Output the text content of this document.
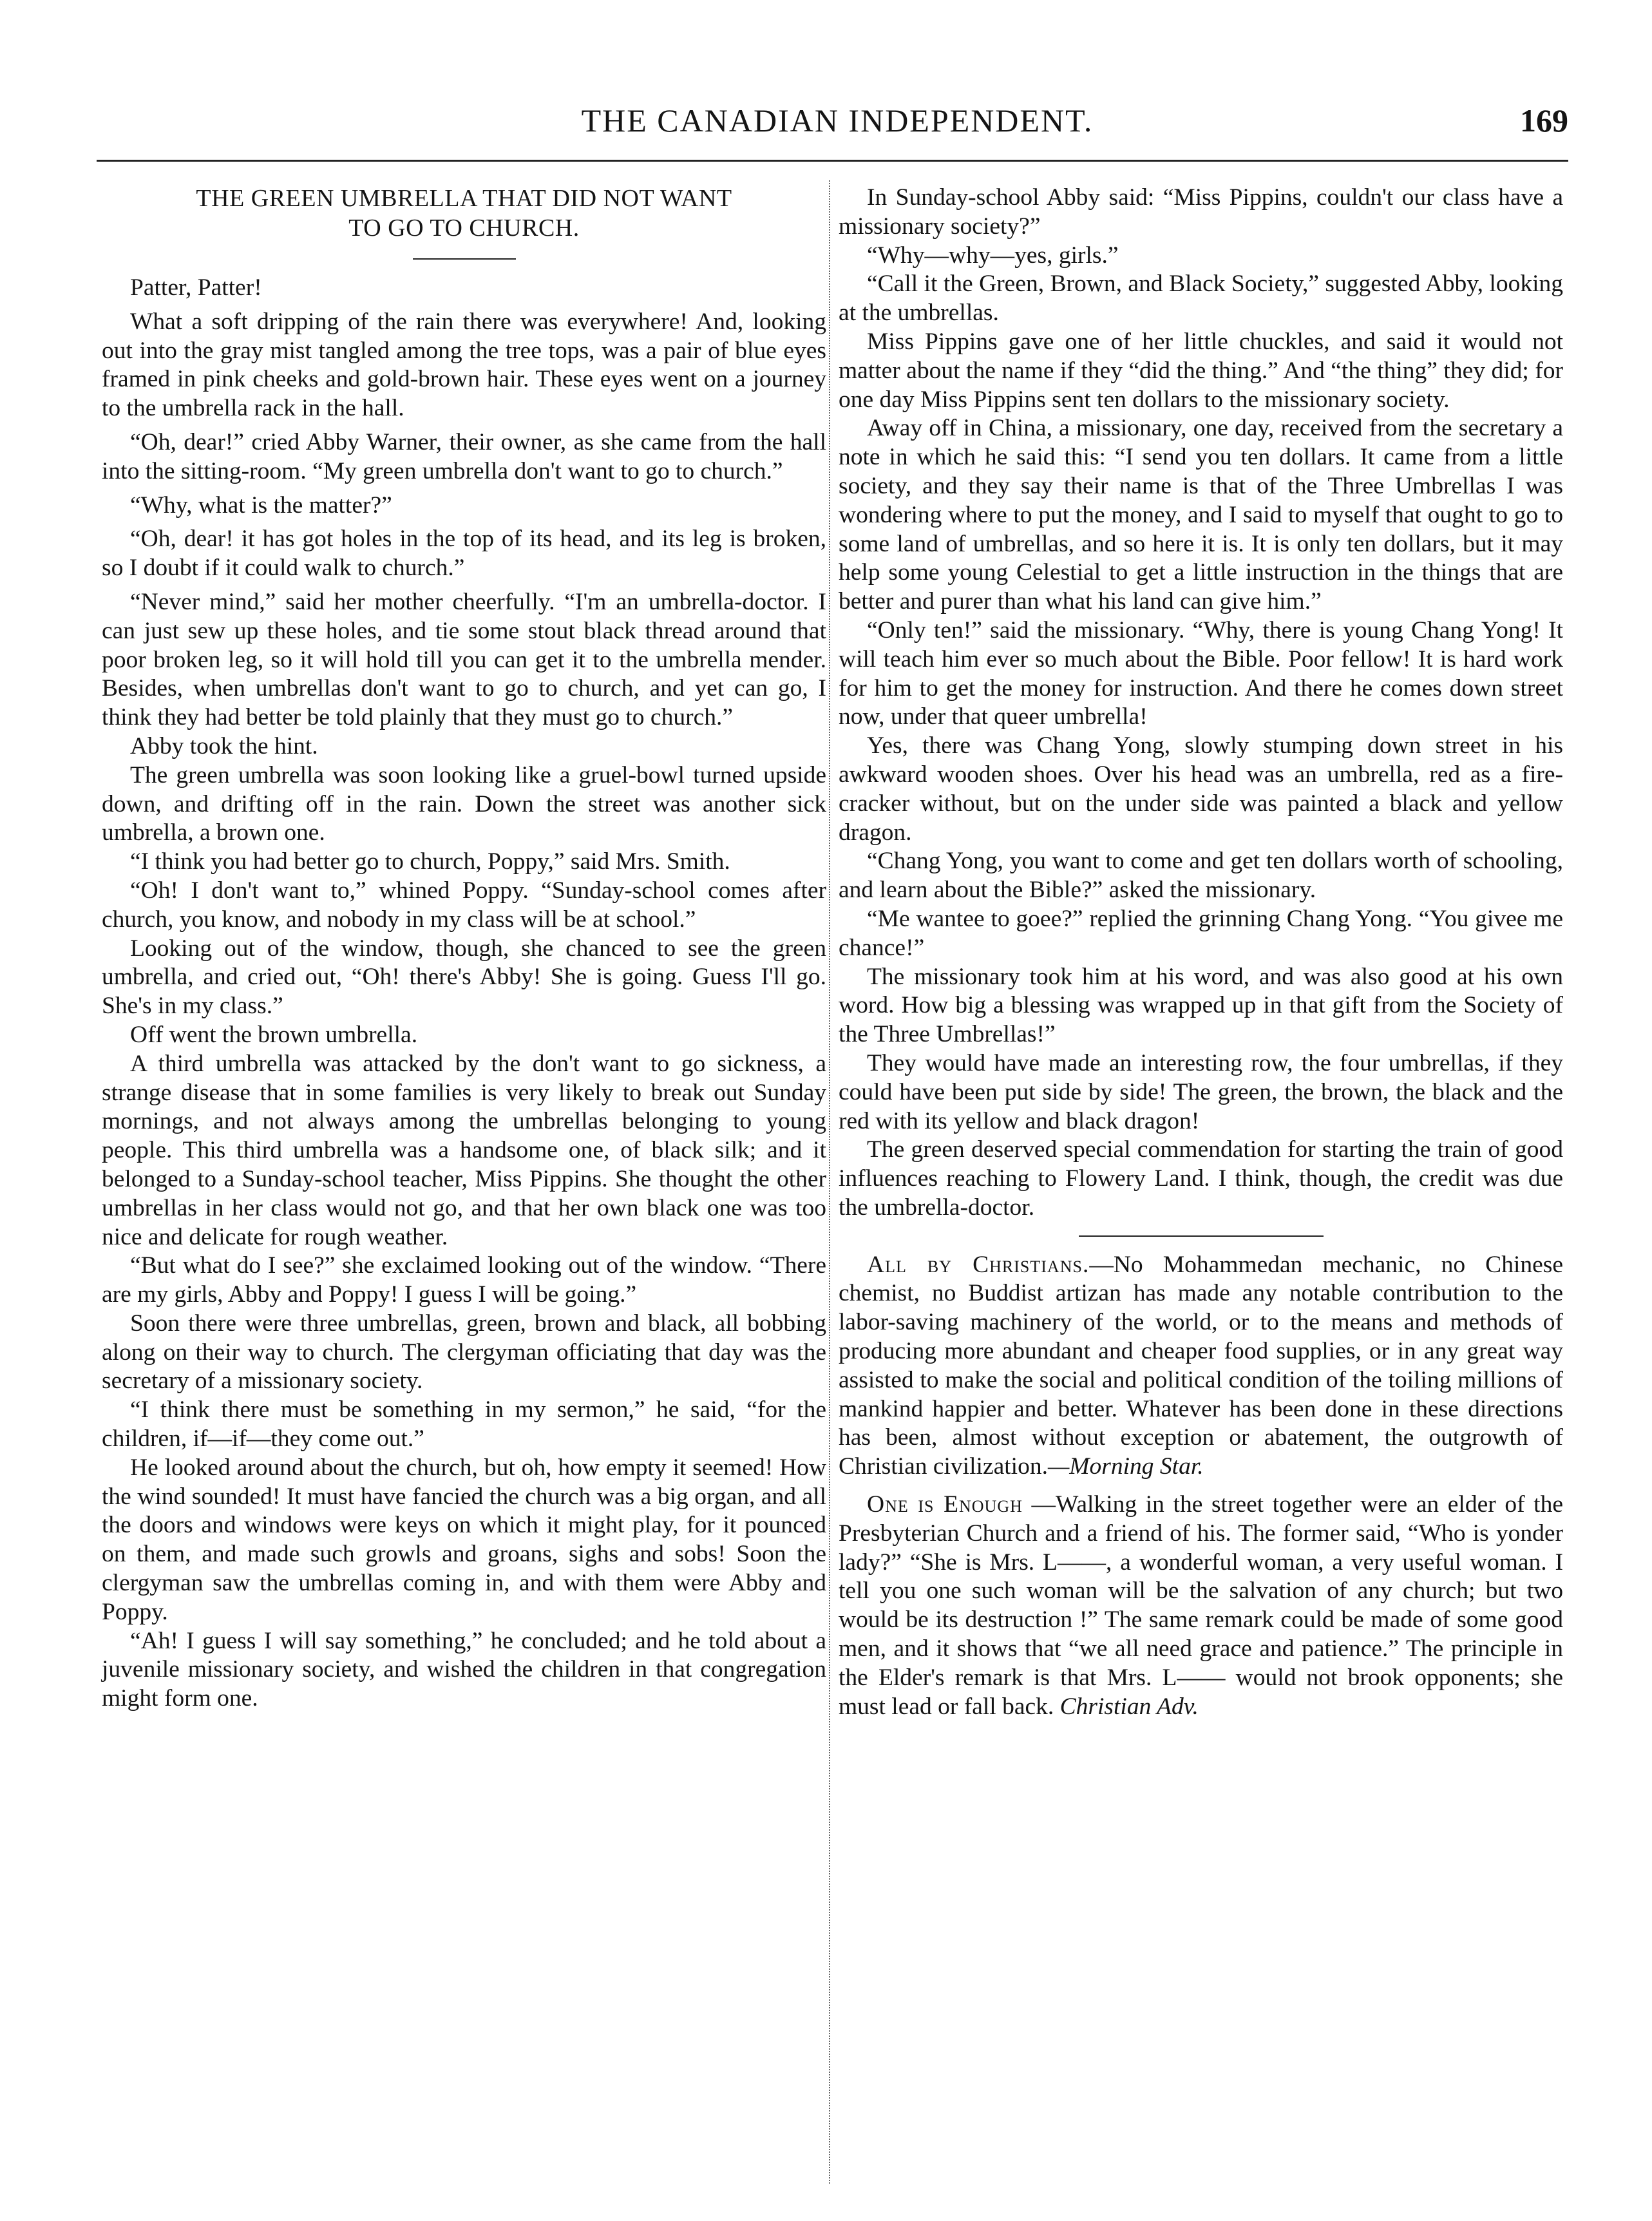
THE CANADIAN INDEPENDENT.	169

THE GREEN UMBRELLA THAT DID NOT WANT

TO GO TO CHURCH.

Patter, Patter!

What a soft dripping of the rain there was everywhere! And, looking out into the gray mist tangled among the tree tops, was a pair of blue eyes framed in pink cheeks and gold-brown hair. These eyes went on a journey to the umbrella rack in the hall.

“Oh, dear!” cried Abby Warner, their owner, as she came from the hall into the sitting-room. “My green umbrella don't want to go to church.”

“Why, what is the matter?”

“Oh, dear! it has got holes in the top of its head, and its leg is broken, so I doubt if it could walk to church.”

“Never mind,” said her mother cheerfully. “I'm an umbrella-doctor. I can just sew up these holes, and tie some stout black thread around that poor broken leg, so it will hold till you can get it to the umbrella mender. Besides, when umbrellas don't want to go to church, and yet can go, I think they had better be told plainly that they must go to church.”

Abby took the hint.

The green umbrella was soon looking like a gruel-bowl turned upside down, and drifting off in the rain. Down the street was another sick umbrella, a brown one.

“I think you had better go to church, Poppy,” said Mrs. Smith.

“Oh! I don't want to,” whined Poppy. “Sunday-school comes after church, you know, and nobody in my class will be at school.”

Looking out of the window, though, she chanced to see the green umbrella, and cried out, “Oh! there's Abby! She is going. Guess I'll go. She's in my class.”

Off went the brown umbrella.

A third umbrella was attacked by the don't want to go sickness, a strange disease that in some families is very likely to break out Sunday mornings, and not always among the umbrellas belonging to young people. This third umbrella was a handsome one, of black silk; and it belonged to a Sunday-school teacher, Miss Pippins. She thought the other umbrellas in her class would not go, and that her own black one was too nice and delicate for rough weather.

“But what do I see?” she exclaimed looking out of the window. “There are my girls, Abby and Poppy! I guess I will be going.”

Soon there were three umbrellas, green, brown and black, all bobbing along on their way to church. The clergyman officiating that day was the secretary of a missionary society.

“I think there must be something in my sermon,” he said, “for the children, if—if—they come out.”

He looked around about the church, but oh, how empty it seemed! How the wind sounded! It must have fancied the church was a big organ, and all the doors and windows were keys on which it might play, for it pounced on them, and made such growls and groans, sighs and sobs! Soon the clergyman saw the umbrellas coming in, and with them were Abby and Poppy.

“Ah! I guess I will say something,” he concluded; and he told about a juvenile missionary society, and wished the children in that congregation might form one.

In Sunday-school Abby said: “Miss Pippins, couldn't our class have a missionary society?”

“Why—why—yes, girls.”

“Call it the Green, Brown, and Black Society,” suggested Abby, looking at the umbrellas.

Miss Pippins gave one of her little chuckles, and said it would not matter about the name if they “did the thing.” And “the thing” they did; for one day Miss Pippins sent ten dollars to the missionary society.

Away off in China, a missionary, one day, received from the secretary a note in which he said this: “I send you ten dollars. It came from a little society, and they say their name is that of the Three Umbrellas I was wondering where to put the money, and I said to myself that ought to go to some land of umbrellas, and so here it is. It is only ten dollars, but it may help some young Celestial to get a little instruction in the things that are better and purer than what his land can give him.”

“Only ten!” said the missionary. “Why, there is young Chang Yong! It will teach him ever so much about the Bible. Poor fellow! It is hard work for him to get the money for instruction. And there he comes down street now, under that queer umbrella!

Yes, there was Chang Yong, slowly stumping down street in his awkward wooden shoes. Over his head was an umbrella, red as a fire-cracker without, but on the under side was painted a black and yellow dragon.

“Chang Yong, you want to come and get ten dollars worth of schooling, and learn about the Bible?” asked the missionary.

“Me wantee to goee?” replied the grinning Chang Yong. “You givee me chance!”

The missionary took him at his word, and was also good at his own word. How big a blessing was wrapped up in that gift from the Society of the Three Umbrellas!”

They would have made an interesting row, the four umbrellas, if they could have been put side by side! The green, the brown, the black and the red with its yellow and black dragon!

The green deserved special commendation for starting the train of good influences reaching to Flowery Land. I think, though, the credit was due the umbrella-doctor.

All by Christians.—No Mohammedan mechanic, no Chinese chemist, no Buddist artizan has made any notable contribution to the labor-saving machinery of the world, or to the means and methods of producing more abundant and cheaper food supplies, or in any great way assisted to make the social and political condition of the toiling millions of mankind happier and better. Whatever has been done in these directions has been, almost without exception or abatement, the outgrowth of Christian civilization.—Morning Star.

One is Enough —Walking in the street together were an elder of the Presbyterian Church and a friend of his. The former said, “Who is yonder lady?” “She is Mrs. L——, a wonderful woman, a very useful woman. I tell you one such woman will be the salvation of any church; but two would be its destruction !” The same remark could be made of some good men, and it shows that “we all need grace and patience.” The principle in the Elder's remark is that Mrs. L—— would not brook opponents; she must lead or fall back. Christian Adv.
